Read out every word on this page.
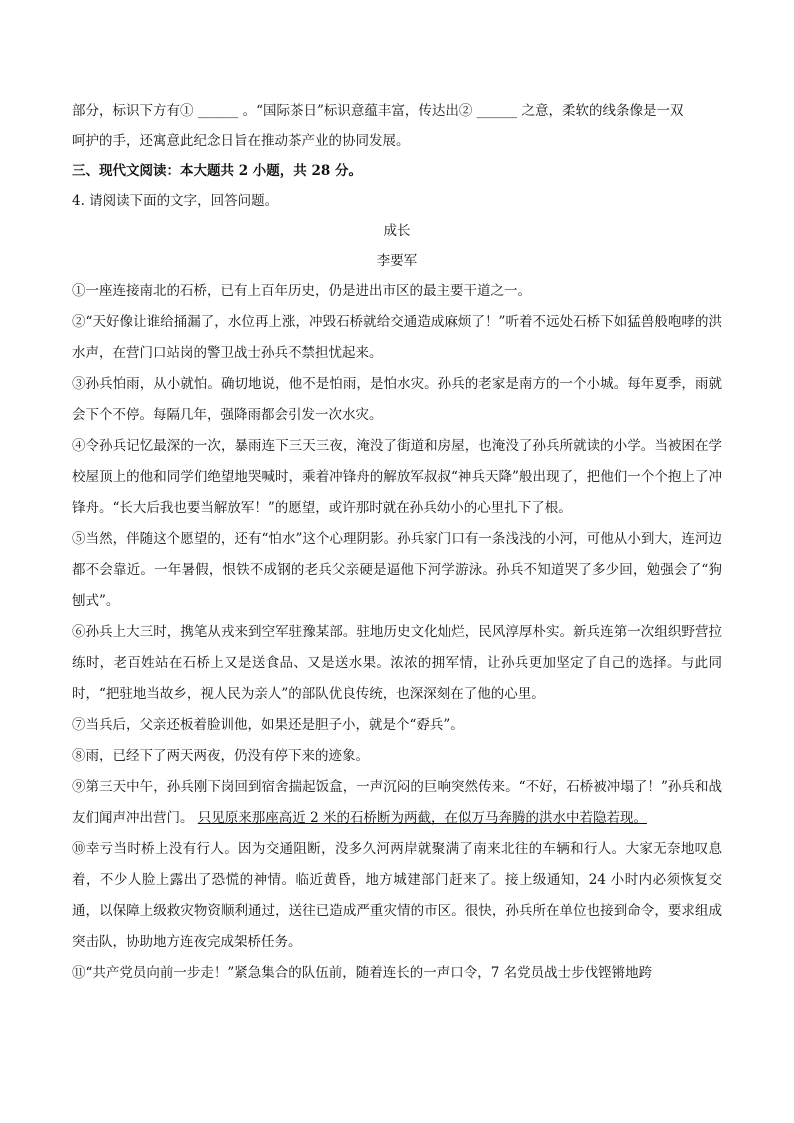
部分，标识下方有① ______ 。“国际茶日”标识意蕴丰富，传达出② ______ 之意，柔软的线条像是一双

呵护的手，还寓意此纪念日旨在推动茶产业的协同发展。

三、现代文阅读：本大题共 2 小题，共 28 分。

4. 请阅读下面的文字，回答问题。

成长

李要军

①一座连接南北的石桥，已有上百年历史，仍是进出市区的最主要干道之一。

②“天好像让谁给捅漏了，水位再上涨，冲毁石桥就给交通造成麻烦了！”听着不远处石桥下如猛兽般咆哮的洪水声，在营门口站岗的警卫战士孙兵不禁担忧起来。

③孙兵怕雨，从小就怕。确切地说，他不是怕雨，是怕水灾。孙兵的老家是南方的一个小城。每年夏季，雨就会下个不停。每隔几年，强降雨都会引发一次水灾。

④令孙兵记忆最深的一次，暴雨连下三天三夜，淹没了街道和房屋，也淹没了孙兵所就读的小学。当被困在学校屋顶上的他和同学们绝望地哭喊时，乘着冲锋舟的解放军叔叔“神兵天降”般出现了，把他们一个个抱上了冲锋舟。“长大后我也要当解放军！”的愿望，或许那时就在孙兵幼小的心里扎下了根。

⑤当然，伴随这个愿望的，还有“怕水”这个心理阴影。孙兵家门口有一条浅浅的小河，可他从小到大，连河边都不会靠近。一年暑假，恨铁不成钢的老兵父亲硬是逼他下河学游泳。孙兵不知道哭了多少回，勉强会了“狗刨式”。

⑥孙兵上大三时，携笔从戎来到空军驻豫某部。驻地历史文化灿烂，民风淳厚朴实。新兵连第一次组织野营拉练时，老百姓站在石桥上又是送食品、又是送水果。浓浓的拥军情，让孙兵更加坚定了自己的选择。与此同时，“把驻地当故乡，视人民为亲人”的部队优良传统，也深深刻在了他的心里。

⑦当兵后，父亲还板着脸训他，如果还是胆子小，就是个“孬兵”。

⑧雨，已经下了两天两夜，仍没有停下来的迹象。

⑨第三天中午，孙兵刚下岗回到宿舍揣起饭盒，一声沉闷的巨响突然传来。“不好，石桥被冲塌了！”孙兵和战友们闻声冲出营门。 只见原来那座高近 2 米的石桥断为两截，在似万马奔腾的洪水中若隐若现。

⑩幸亏当时桥上没有行人。因为交通阻断，没多久河两岸就聚满了南来北往的车辆和行人。大家无奈地叹息着，不少人脸上露出了恐慌的神情。临近黄昏，地方城建部门赶来了。接上级通知，24 小时内必须恢复交通，以保障上级救灾物资顺利通过，送往已造成严重灾情的市区。很快，孙兵所在单位也接到命令，要求组成突击队，协助地方连夜完成架桥任务。

⑪“共产党员向前一步走！”紧急集合的队伍前，随着连长的一声口令，7 名党员战士步伐铿锵地跨
